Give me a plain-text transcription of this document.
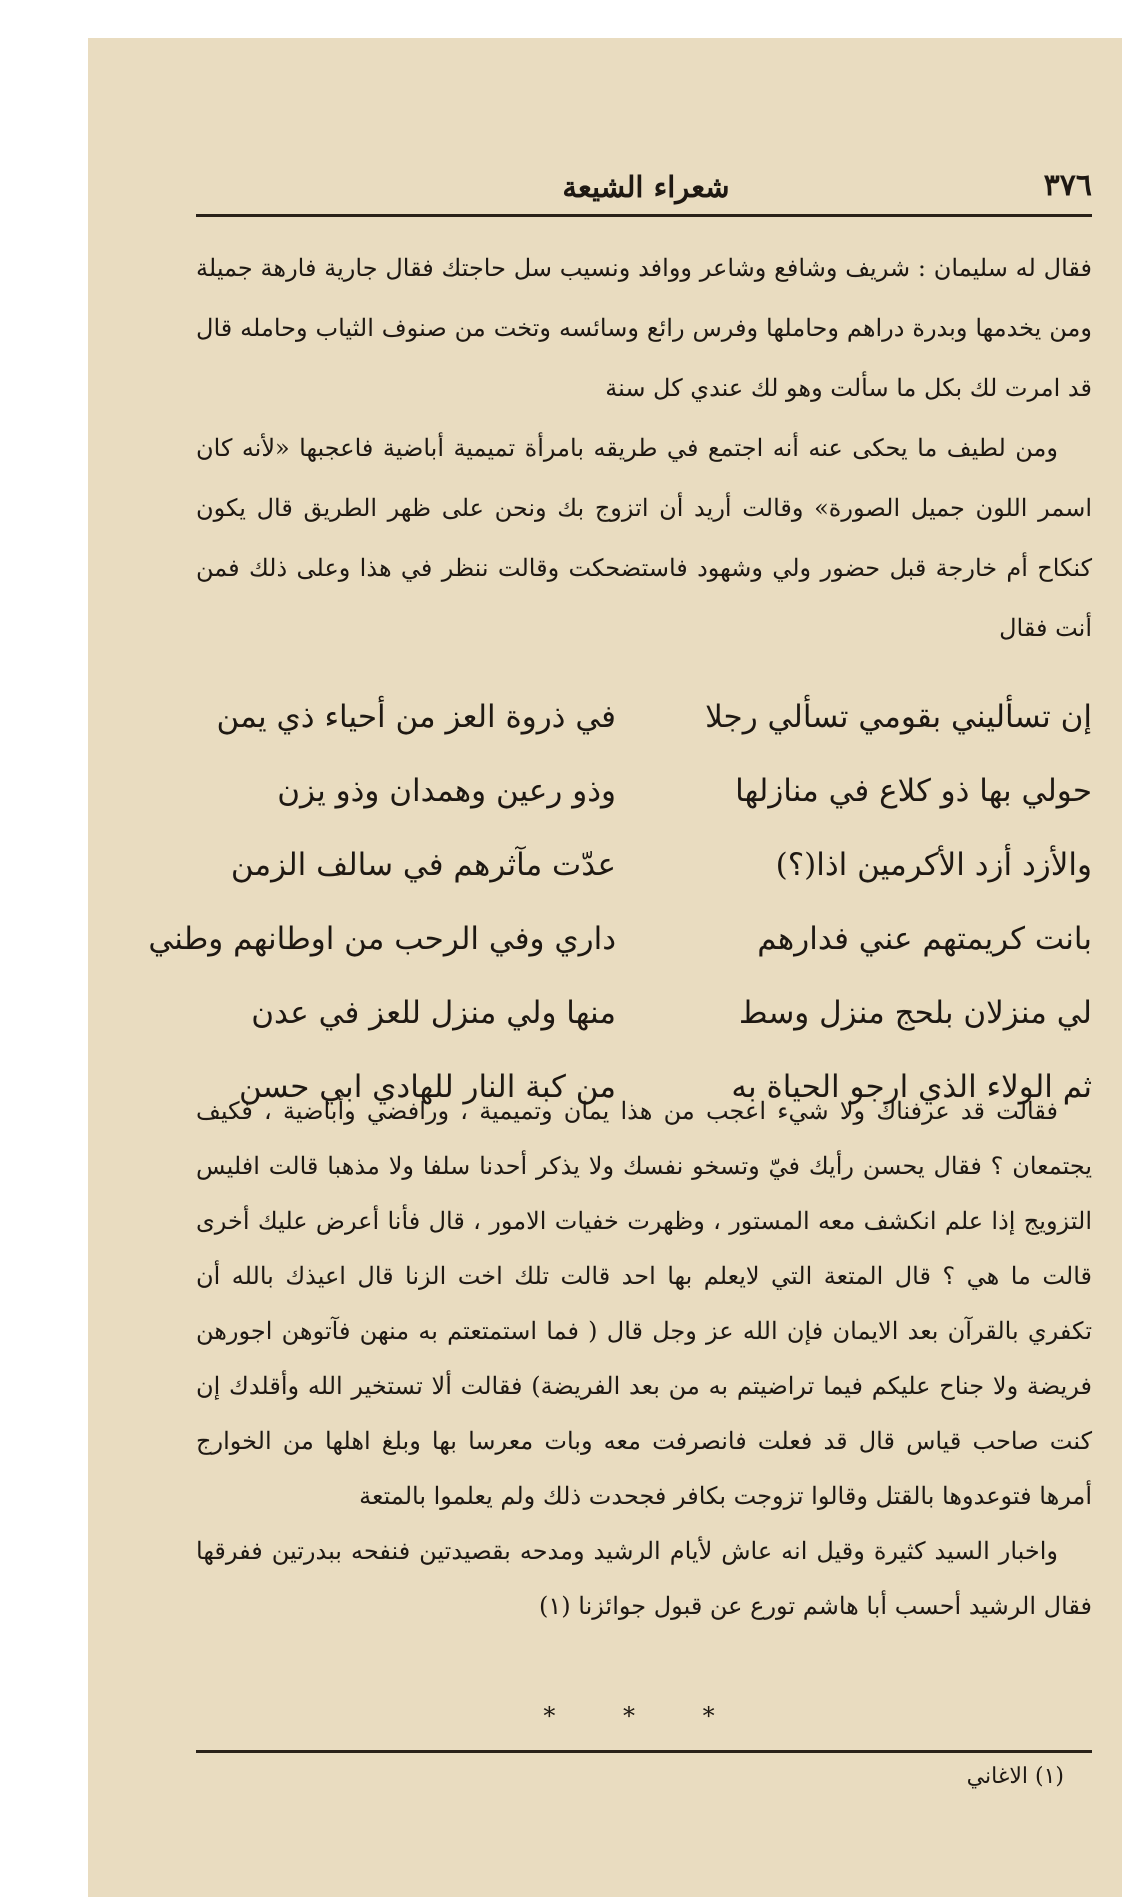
٣٧٦
شعراء الشيعة

فقال له سليمان : شريف وشافع وشاعر ووافد ونسيب سل حاجتك فقال جارية فارهة جميلة ومن يخدمها وبدرة دراهم وحاملها وفرس رائع وسائسه وتخت من صنوف الثياب وحامله قال قد امرت لك بكل ما سألت وهو لك عندي كل سنة

ومن لطيف ما يحكى عنه أنه اجتمع في طريقه بامرأة تميمية أباضية فاعجبها «لأنه كان اسمر اللون جميل الصورة» وقالت أريد أن اتزوج بك ونحن على ظهر الطريق قال يكون كنكاح أم خارجة قبل حضور ولي وشهود فاستضحكت وقالت ننظر في هذا وعلى ذلك فمن أنت فقال

إن تسأليني بقومي تسألي رجلا
في ذروة العز من أحياء ذي يمن
حولي بها ذو كلاع في منازلها
وذو رعين وهمدان وذو يزن
والأزد أزد الأكرمين اذا(؟)
عدّت مآثرهم في سالف الزمن
بانت كريمتهم عني فدارهم
داري وفي الرحب من اوطانهم وطني
لي منزلان بلحج منزل وسط
منها ولي منزل للعز في عدن
ثم الولاء الذي ارجو الحياة به
من كبة النار للهادي ابي حسن

فقالت قد عرفناك ولا شيء اعجب من هذا يمان وتميمية ، ورافضي وأباضية ، فكيف يجتمعان ؟ فقال يحسن رأيك فيّ وتسخو نفسك ولا يذكر أحدنا سلفا ولا مذهبا قالت افليس التزويج إذا علم انكشف معه المستور ، وظهرت خفيات الامور ، قال فأنا أعرض عليك أخرى قالت ما هي ؟ قال المتعة التي لايعلم بها احد قالت تلك اخت الزنا قال اعيذك بالله أن تكفري بالقرآن بعد الايمان فإن الله عز وجل قال ( فما استمتعتم به منهن فآتوهن اجورهن فريضة ولا جناح عليكم فيما تراضيتم به من بعد الفريضة) فقالت ألا تستخير الله وأقلدك إن كنت صاحب قياس قال قد فعلت فانصرفت معه وبات معرسا بها وبلغ اهلها من الخوارج أمرها فتوعدوها بالقتل وقالوا تزوجت بكافر فجحدت ذلك ولم يعلموا بالمتعة

واخبار السيد كثيرة وقيل انه عاش لأيام الرشيد ومدحه بقصيدتين فنفحه ببدرتين ففرقها فقال الرشيد أحسب أبا هاشم تورع عن قبول جوائزنا (١)

* * *
(١) الاغاني
